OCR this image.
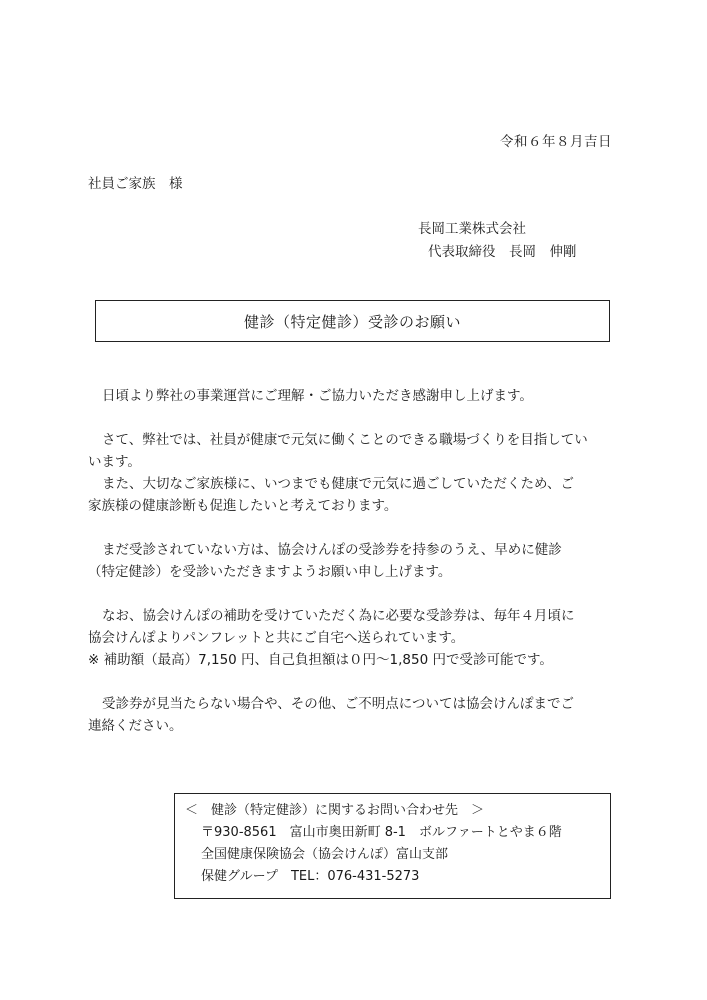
令和６年８月吉日
社員ご家族　様
長岡工業株式会社
代表取締役　長岡　伸剛
健診（特定健診）受診のお願い

日頃より弊社の事業運営にご理解・ご協力いただき感謝申し上げます。

さて、弊社では、社員が健康で元気に働くことのできる職場づくりを目指してい

います。

また、大切なご家族様に、いつまでも健康で元気に過ごしていただくため、ご

家族様の健康診断も促進したいと考えております。

まだ受診されていない方は、協会けんぽの受診券を持参のうえ、早めに健診

（特定健診）を受診いただきますようお願い申し上げます。

なお、協会けんぽの補助を受けていただく為に必要な受診券は、毎年４月頃に

協会けんぽよりパンフレットと共にご自宅へ送られています。

※ 補助額（最高）7,150 円、自己負担額は０円～1,850 円で受診可能です。

受診券が見当たらない場合や、その他、ご不明点については協会けんぽまでご

連絡ください。

＜　健診（特定健診）に関するお問い合わせ先　＞
〒930-8561　富山市奥田新町 8-1　ボルファートとやま６階
全国健康保険協会（協会けんぽ）富山支部
保健グループ　TEL：076-431-5273
